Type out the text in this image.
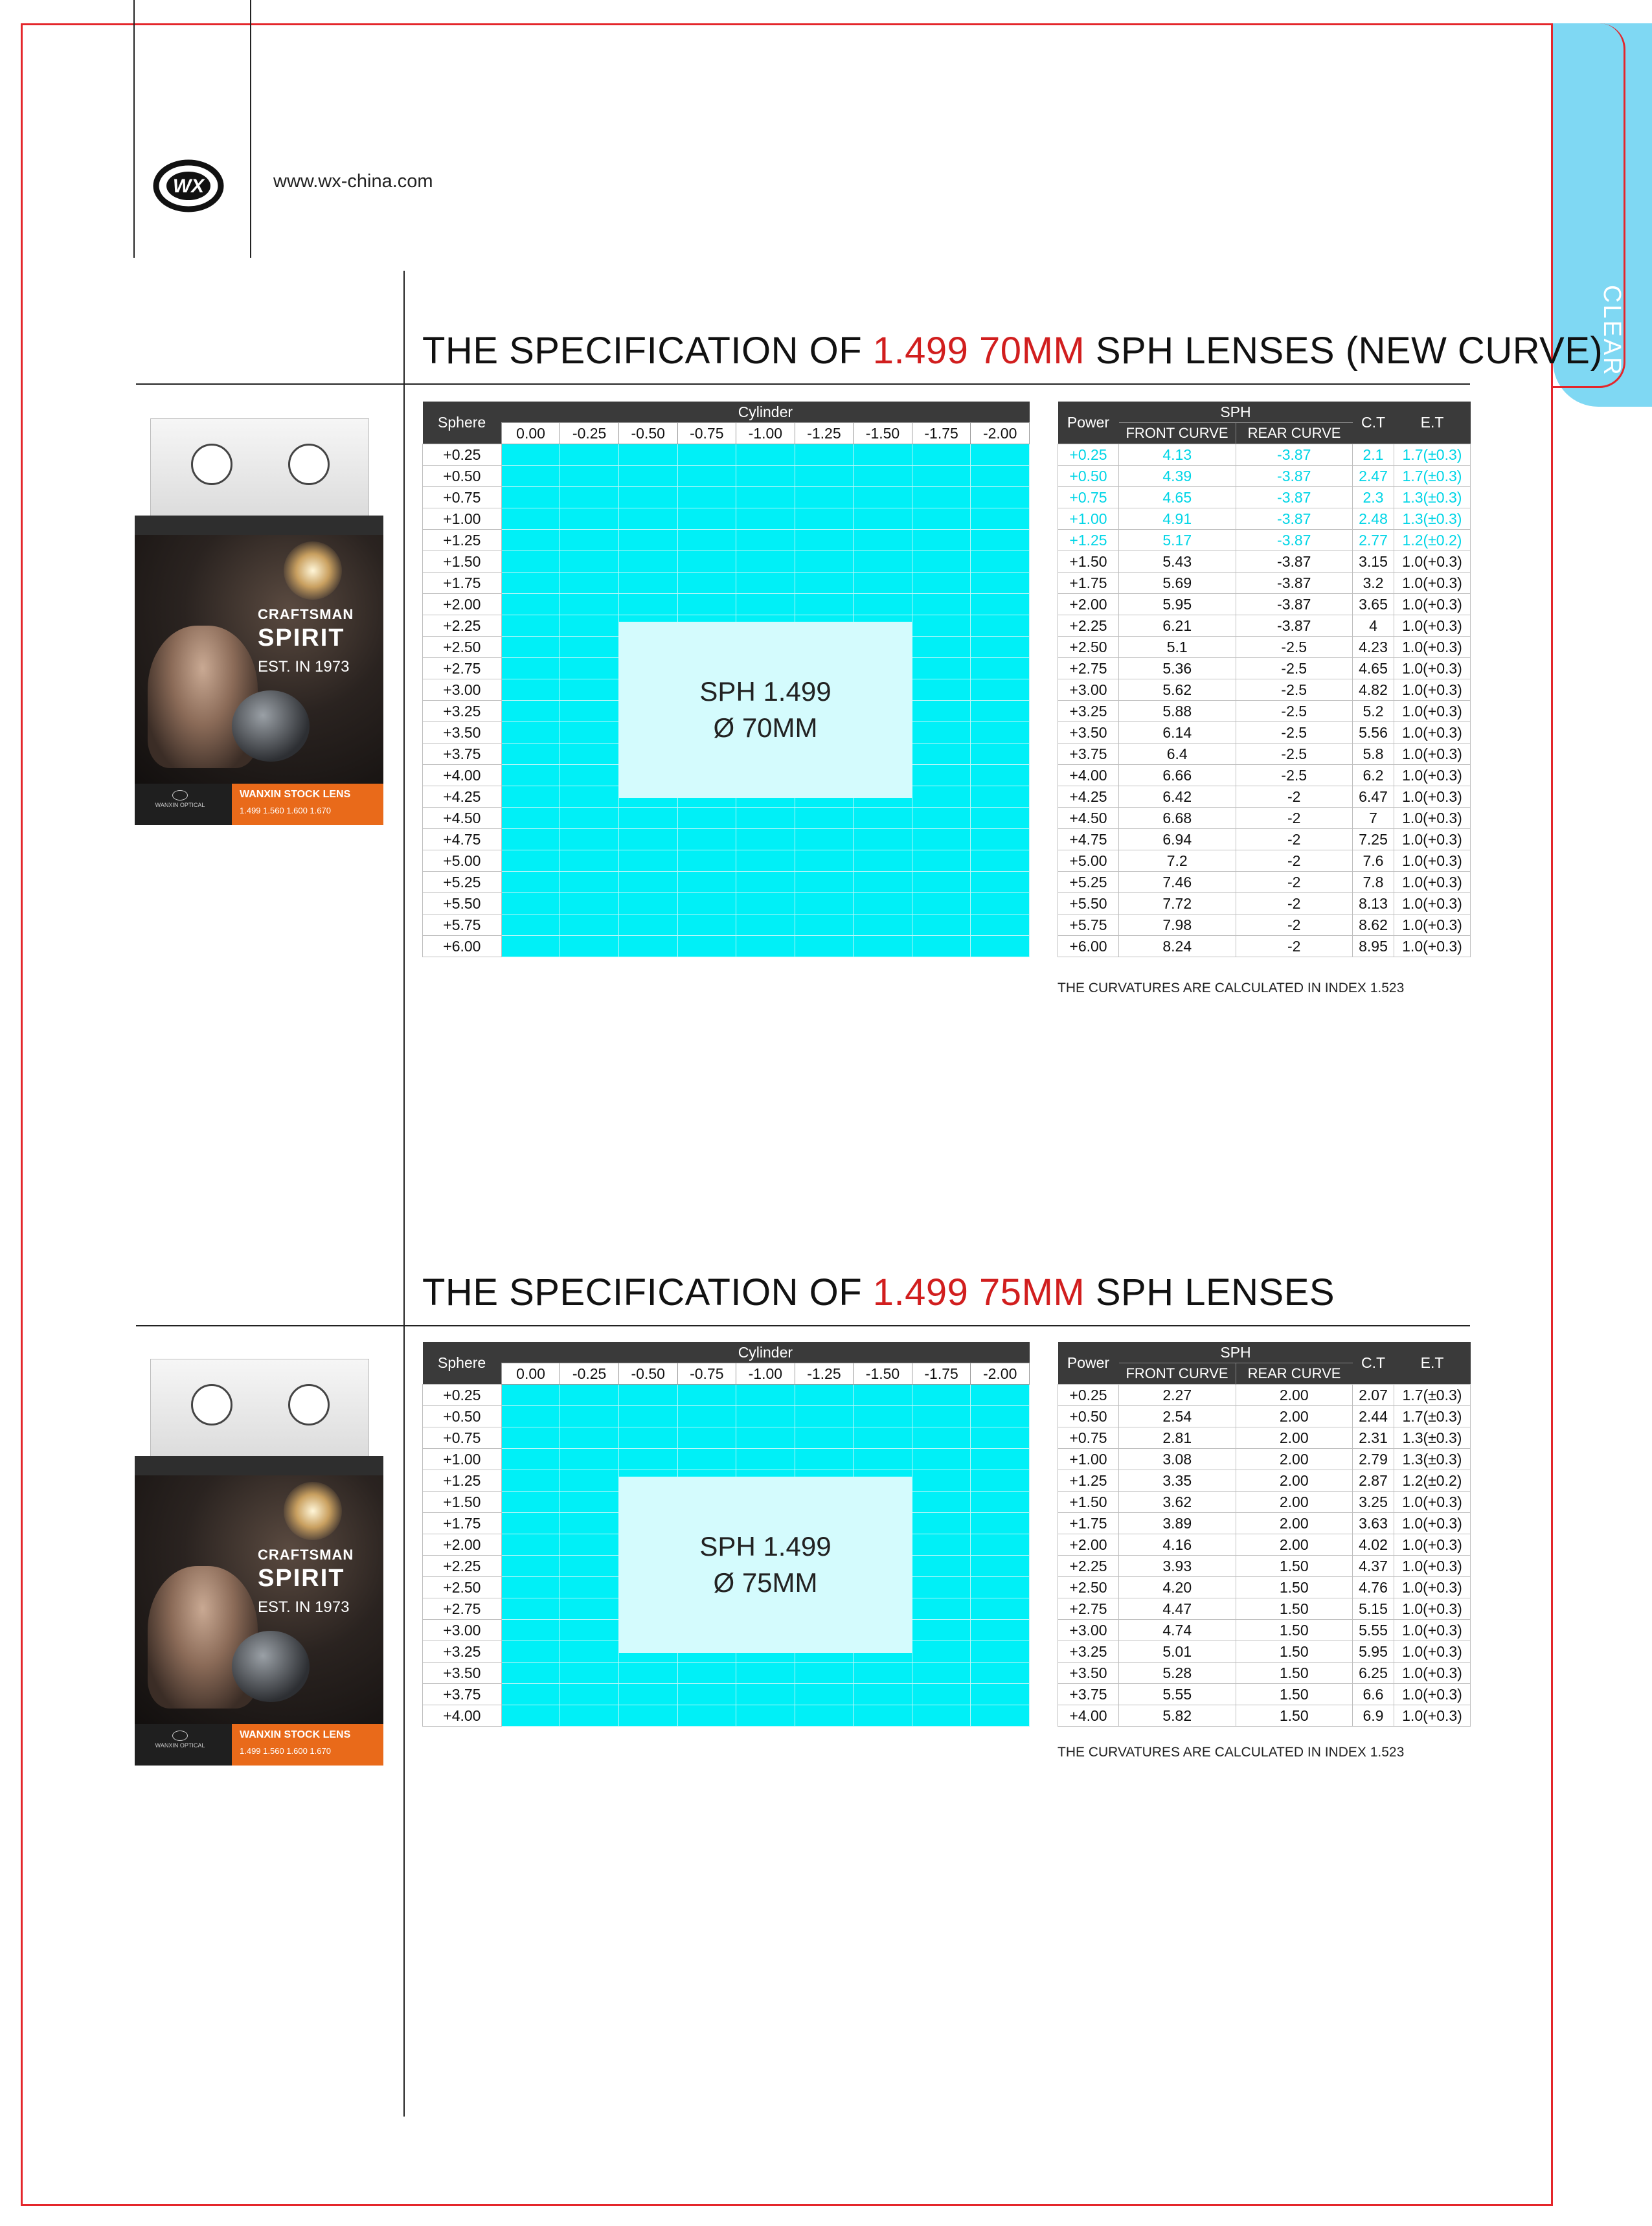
CLEAR
WX	www.wx-china.com
THE SPECIFICATION OF 1.499 70MM SPH LENSES (NEW CURVE)
CRAFTSMAN
SPIRIT
EST. IN 1973
WANXIN OPTICAL
WANXIN STOCK LENS
1.499 1.560 1.600 1.670
Sphere	Cylinder								
	0.00	-0.25	-0.50	-0.75	-1.00	-1.25	-1.50	-1.75	-2.00
+0.25									
+0.50									
+0.75									
+1.00									
+1.25									
+1.50									
+1.75									
+2.00									
+2.25									
+2.50									
+2.75									
+3.00									
+3.25									
+3.50									
+3.75									
+4.00									
+4.25									
+4.50									
+4.75									
+5.00									
+5.25									
+5.50									
+5.75									
+6.00									
SPH 1.499
Ø 70MM
Power	SPH		C.T	E.T
	FRONT CURVE	REAR CURVE		
+0.25	4.13	-3.87	2.1	1.7(±0.3)
+0.50	4.39	-3.87	2.47	1.7(±0.3)
+0.75	4.65	-3.87	2.3	1.3(±0.3)
+1.00	4.91	-3.87	2.48	1.3(±0.3)
+1.25	5.17	-3.87	2.77	1.2(±0.2)
+1.50	5.43	-3.87	3.15	1.0(+0.3)
+1.75	5.69	-3.87	3.2	1.0(+0.3)
+2.00	5.95	-3.87	3.65	1.0(+0.3)
+2.25	6.21	-3.87	4	1.0(+0.3)
+2.50	5.1	-2.5	4.23	1.0(+0.3)
+2.75	5.36	-2.5	4.65	1.0(+0.3)
+3.00	5.62	-2.5	4.82	1.0(+0.3)
+3.25	5.88	-2.5	5.2	1.0(+0.3)
+3.50	6.14	-2.5	5.56	1.0(+0.3)
+3.75	6.4	-2.5	5.8	1.0(+0.3)
+4.00	6.66	-2.5	6.2	1.0(+0.3)
+4.25	6.42	-2	6.47	1.0(+0.3)
+4.50	6.68	-2	7	1.0(+0.3)
+4.75	6.94	-2	7.25	1.0(+0.3)
+5.00	7.2	-2	7.6	1.0(+0.3)
+5.25	7.46	-2	7.8	1.0(+0.3)
+5.50	7.72	-2	8.13	1.0(+0.3)
+5.75	7.98	-2	8.62	1.0(+0.3)
+6.00	8.24	-2	8.95	1.0(+0.3)
THE CURVATURES ARE CALCULATED IN INDEX 1.523
THE SPECIFICATION OF 1.499 75MM SPH LENSES
CRAFTSMAN
SPIRIT
EST. IN 1973
WANXIN OPTICAL
WANXIN STOCK LENS
1.499 1.560 1.600 1.670
Sphere	Cylinder								
	0.00	-0.25	-0.50	-0.75	-1.00	-1.25	-1.50	-1.75	-2.00
+0.25									
+0.50									
+0.75									
+1.00									
+1.25									
+1.50									
+1.75									
+2.00									
+2.25									
+2.50									
+2.75									
+3.00									
+3.25									
+3.50									
+3.75									
+4.00									
SPH 1.499
Ø 75MM
Power	SPH		C.T	E.T
	FRONT CURVE	REAR CURVE		
+0.25	2.27	2.00	2.07	1.7(±0.3)
+0.50	2.54	2.00	2.44	1.7(±0.3)
+0.75	2.81	2.00	2.31	1.3(±0.3)
+1.00	3.08	2.00	2.79	1.3(±0.3)
+1.25	3.35	2.00	2.87	1.2(±0.2)
+1.50	3.62	2.00	3.25	1.0(+0.3)
+1.75	3.89	2.00	3.63	1.0(+0.3)
+2.00	4.16	2.00	4.02	1.0(+0.3)
+2.25	3.93	1.50	4.37	1.0(+0.3)
+2.50	4.20	1.50	4.76	1.0(+0.3)
+2.75	4.47	1.50	5.15	1.0(+0.3)
+3.00	4.74	1.50	5.55	1.0(+0.3)
+3.25	5.01	1.50	5.95	1.0(+0.3)
+3.50	5.28	1.50	6.25	1.0(+0.3)
+3.75	5.55	1.50	6.6	1.0(+0.3)
+4.00	5.82	1.50	6.9	1.0(+0.3)
THE CURVATURES ARE CALCULATED IN INDEX 1.523
